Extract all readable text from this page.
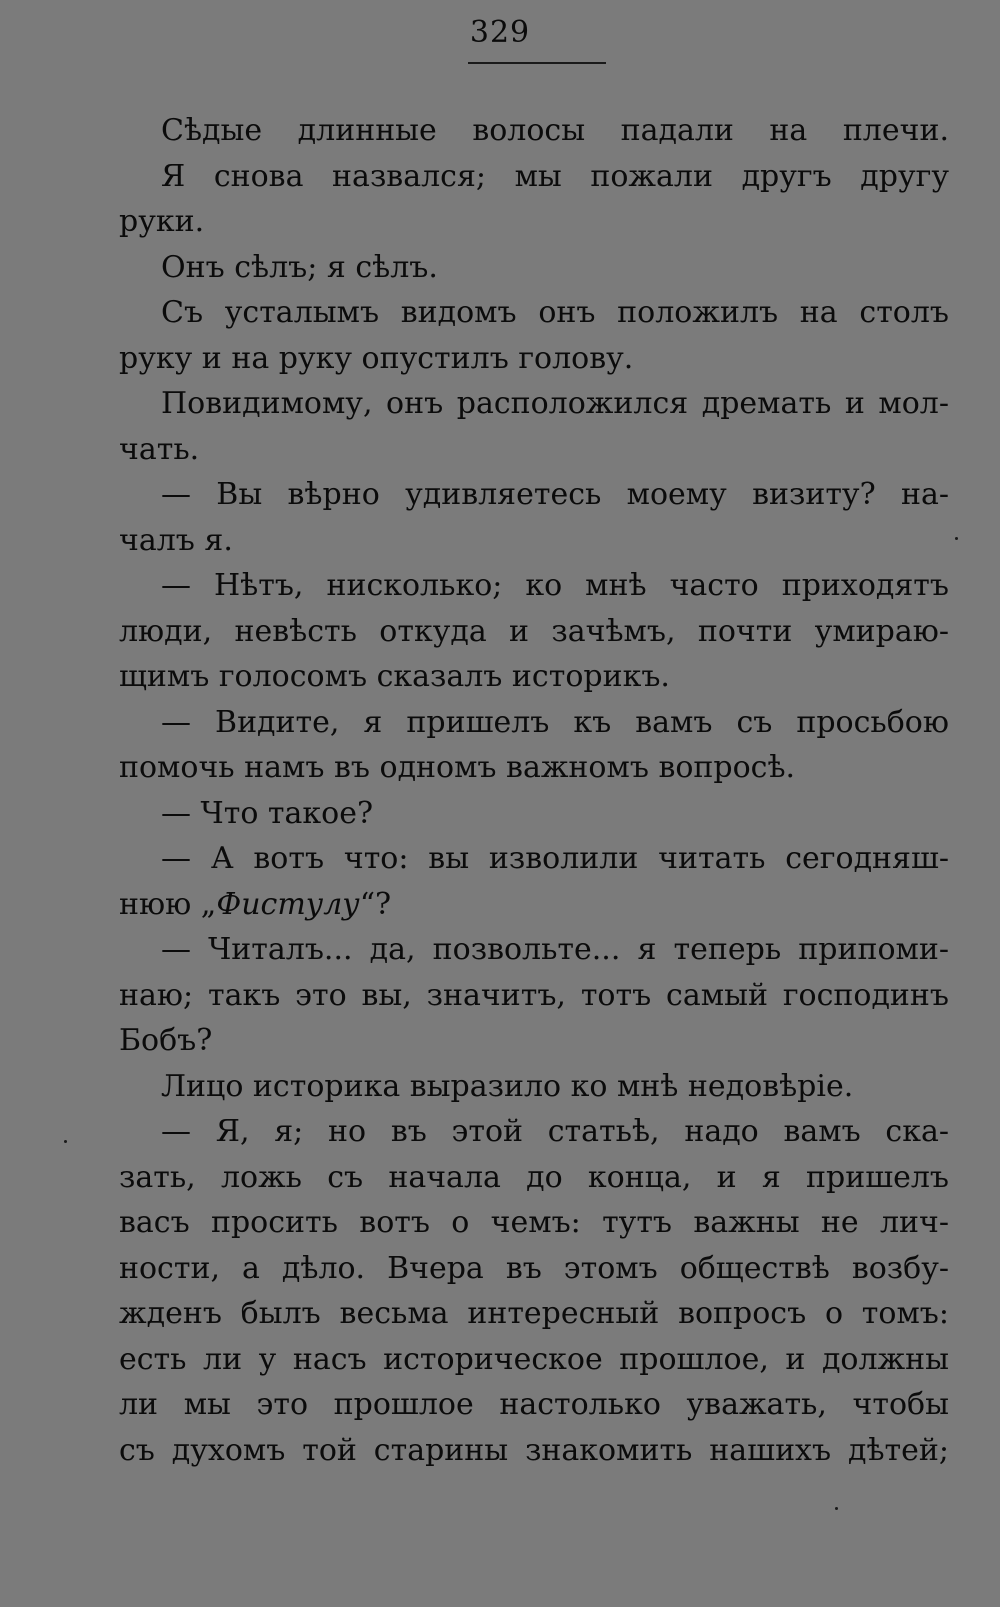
329
Сѣдые длинные волосы падали на плечи.
Я снова назвался; мы пожали другъ другу
руки.
Онъ сѣлъ; я сѣлъ.
Съ усталымъ видомъ онъ положилъ на столъ
руку и на руку опустилъ голову.
Повидимому, онъ расположился дремать и мол-
чать.
— Вы вѣрно удивляетесь моему визиту? на-
чалъ я.
— Нѣтъ, нисколько; ко мнѣ часто приходятъ
люди, невѣсть откуда и зачѣмъ, почти умираю-
щимъ голосомъ сказалъ историкъ.
— Видите, я пришелъ къ вамъ съ просьбою
помочь намъ въ одномъ важномъ вопросѣ.
— Что такое?
— А вотъ что: вы изволили читать сегодняш-
нюю „Фистулу“?
— Читалъ... да, позвольте... я теперь припоми-
наю; такъ это вы, значитъ, тотъ самый господинъ
Бобъ?
Лицо историка выразило ко мнѣ недовѣріе.
— Я, я; но въ этой статьѣ, надо вамъ ска-
зать, ложь съ начала до конца, и я пришелъ
васъ просить вотъ о чемъ: тутъ важны не лич-
ности, а дѣло. Вчера въ этомъ обществѣ возбу-
жденъ былъ весьма интересный вопросъ о томъ:
есть ли у насъ историческое прошлое, и должны
ли мы это прошлое настолько уважать, чтобы
съ духомъ той старины знакомить нашихъ дѣтей;
